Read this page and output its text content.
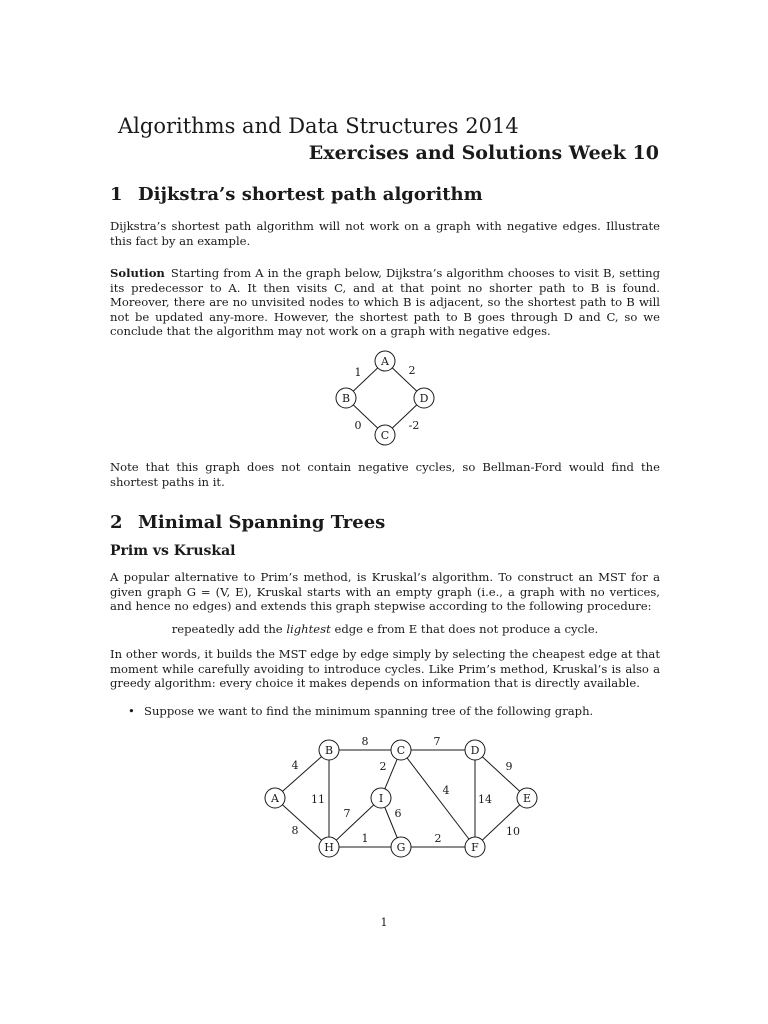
Algorithms and Data Structures 2014
Exercises and Solutions Week 10
1 Dijkstra’s shortest path algorithm

Dijkstra’s shortest path algorithm will not work on a graph with negative edges. Illustrate this fact by an example.

Solution Starting from A in the graph below, Dijkstra’s algorithm chooses to visit B, setting its predecessor to A. It then visits C, and at that point no shorter path to B is found. Moreover, there are no unvisited nodes to which B is adjacent, so the shortest path to B will not be updated any-more. However, the shortest path to B goes through D and C, so we conclude that the algorithm may not work on a graph with negative edges.

1	2
0	-2
A
B
C
D

Note that this graph does not contain negative cycles, so Bellman-Ford would find the shortest paths in it.

2 Minimal Spanning Trees
Prim vs Kruskal

A popular alternative to Prim’s method, is Kruskal’s algorithm. To construct an MST for a given graph G = (V, E), Kruskal starts with an empty graph (i.e., a graph with no vertices, and hence no edges) and extends this graph stepwise according to the following procedure:

repeatedly add the lightest edge e from E that does not produce a cycle.

In other words, it builds the MST edge by edge simply by selecting the cheapest edge at that moment while carefully avoiding to introduce cycles. Like Prim’s method, Kruskal’s is also a greedy algorithm: every choice it makes depends on information that is directly available.

• Suppose we want to find the minimum spanning tree of the following graph.
4
8
8
11
7
2
4
9
14
10
7	6
1	2
A
B	C	D
E
F
G
H
I
1
